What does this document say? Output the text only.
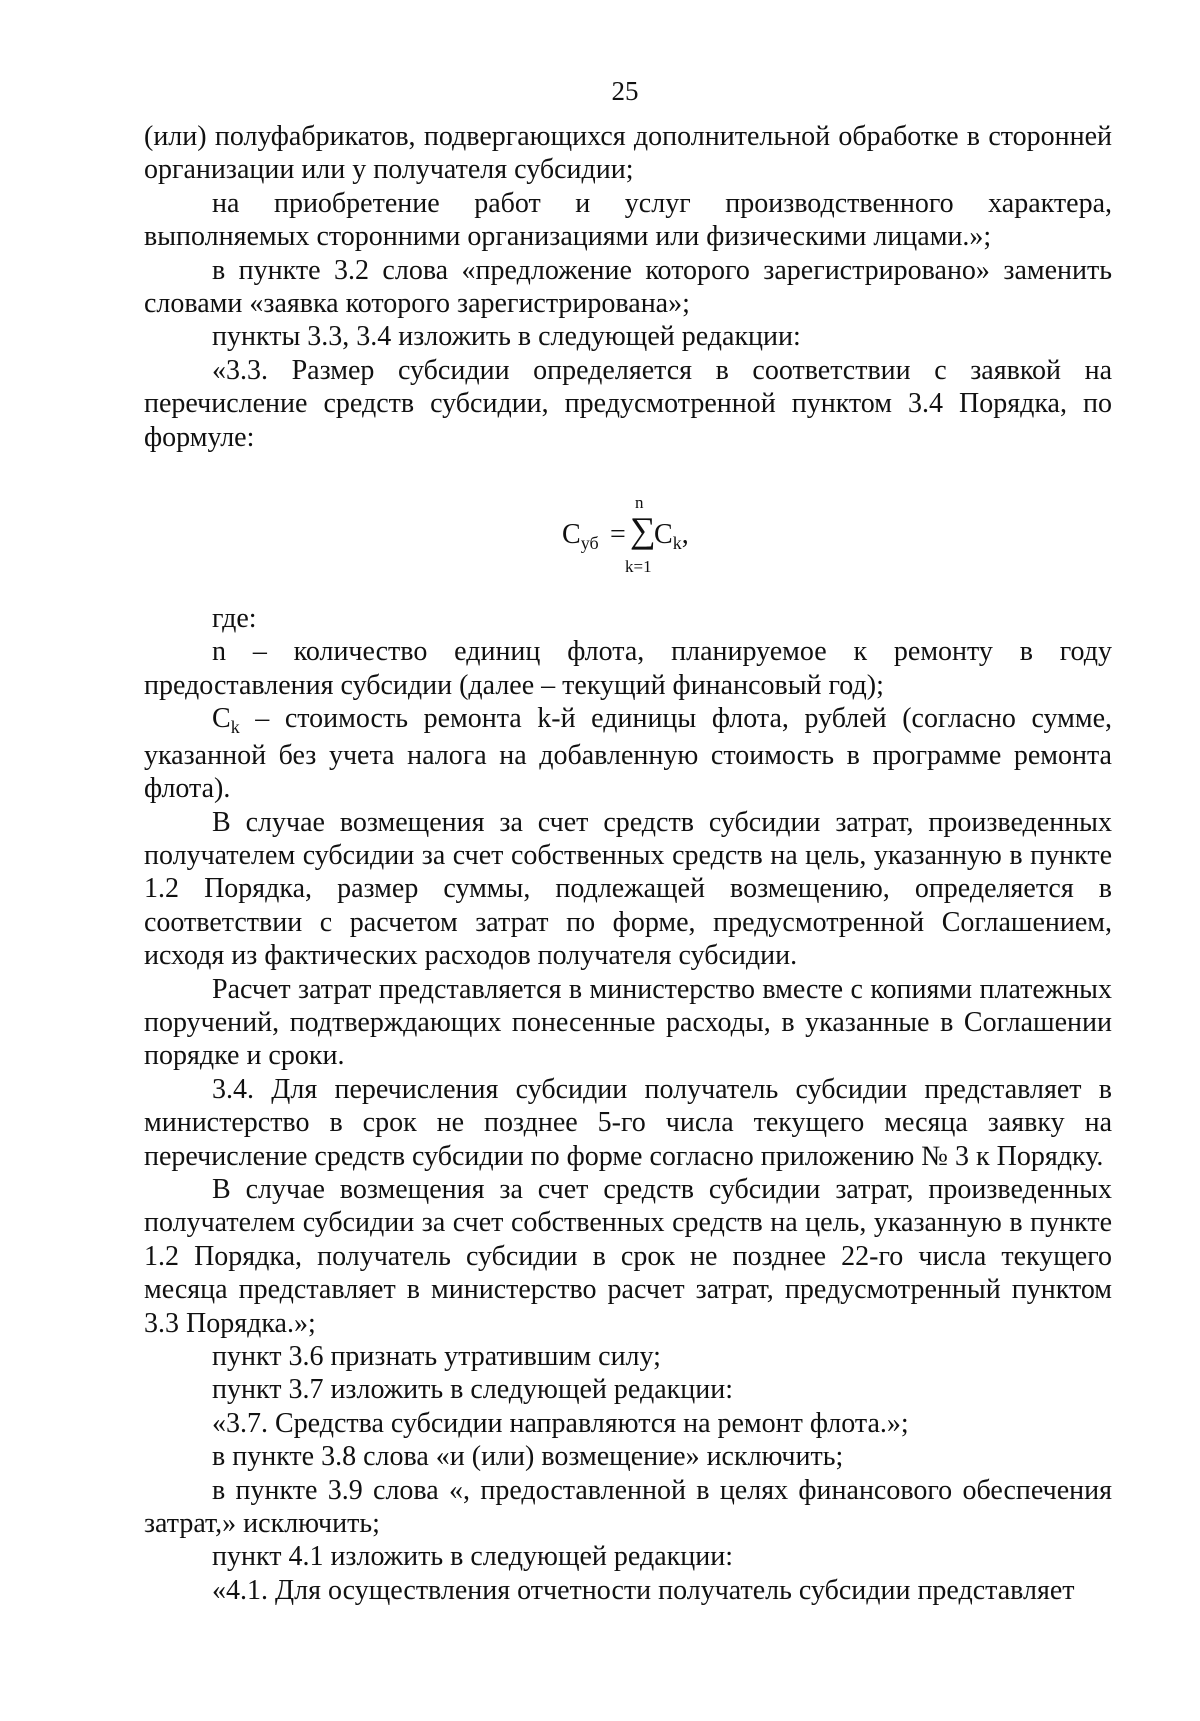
25

(или) полуфабрикатов, подвергающихся дополнительной обработке в сторонней организации или у получателя субсидии;

на приобретение работ и услуг производственного характера, выполняемых сторонними организациями или физическими лицами.»;

в пункте 3.2 слова «предложение которого зарегистрировано» заменить словами «заявка которого зарегистрирована»;

пункты 3.3, 3.4 изложить в следующей редакции:

«3.3. Размер субсидии определяется в соответствии с заявкой на перечисление средств субсидии, предусмотренной пунктом 3.4 Порядка, по формуле:

$С_{уб}$ =
n
∑
k=1
$С_k$,

где:

n – количество единиц флота, планируемое к ремонту в году предоставления субсидии (далее – текущий финансовый год);

$С_k$ – стоимость ремонта k-й единицы флота, рублей (согласно сумме, указанной без учета налога на добавленную стоимость в программе ремонта флота).

В случае возмещения за счет средств субсидии затрат, произведенных получателем субсидии за счет собственных средств на цель, указанную в пункте 1.2 Порядка, размер суммы, подлежащей возмещению, определяется в соответствии с расчетом затрат по форме, предусмотренной Соглашением, исходя из фактических расходов получателя субсидии.

Расчет затрат представляется в министерство вместе с копиями платежных поручений, подтверждающих понесенные расходы, в указанные в Соглашении порядке и сроки.

3.4. Для перечисления субсидии получатель субсидии представляет в министерство в срок не позднее 5-го числа текущего месяца заявку на перечисление средств субсидии по форме согласно приложению № 3 к Порядку.

В случае возмещения за счет средств субсидии затрат, произведенных получателем субсидии за счет собственных средств на цель, указанную в пункте 1.2 Порядка, получатель субсидии в срок не позднее 22-го числа текущего месяца представляет в министерство расчет затрат, предусмотренный пунктом 3.3 Порядка.»;

пункт 3.6 признать утратившим силу;

пункт 3.7 изложить в следующей редакции:

«3.7. Средства субсидии направляются на ремонт флота.»;

в пункте 3.8 слова «и (или) возмещение» исключить;

в пункте 3.9 слова «, предоставленной в целях финансового обеспечения затрат,» исключить;

пункт 4.1 изложить в следующей редакции:

«4.1. Для осуществления отчетности получатель субсидии представляет
